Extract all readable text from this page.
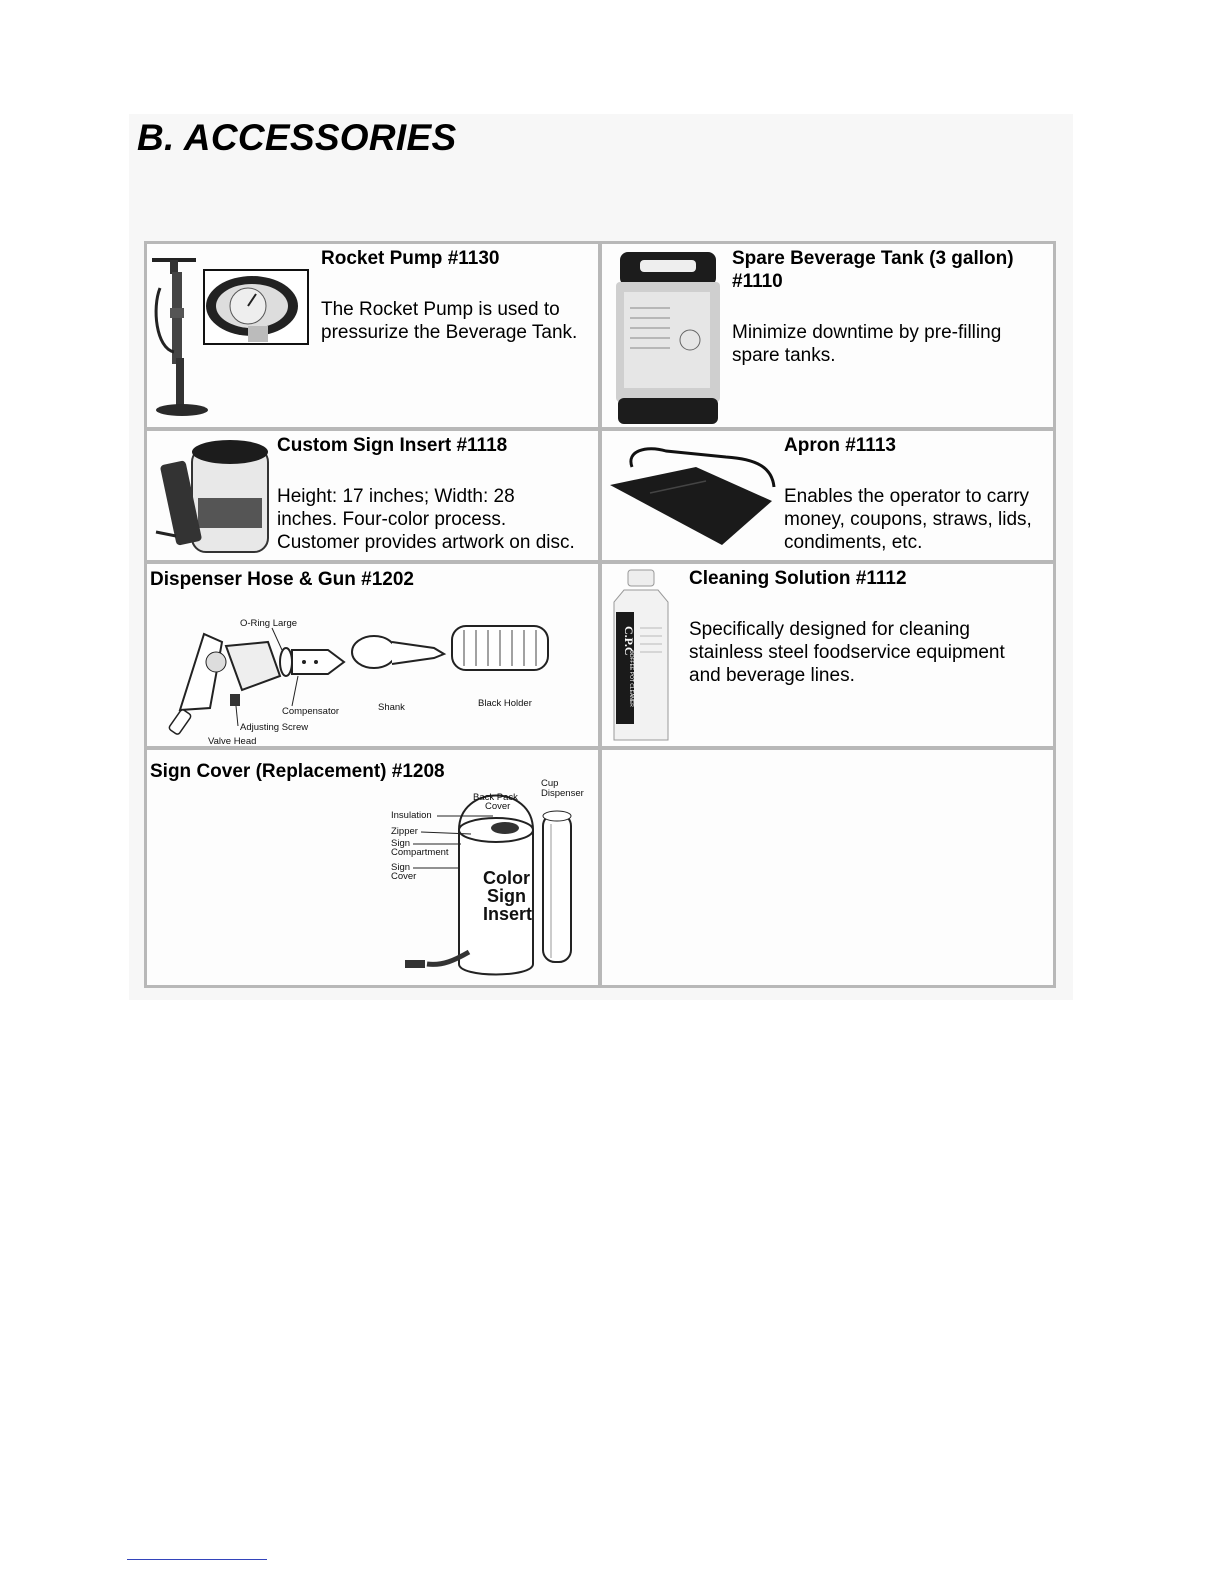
B. ACCESSORIES
Rocket Pump #1130
The Rocket Pump is used to
pressurize the Beverage Tank.
Spare Beverage Tank (3 gallon)
#1110
Minimize downtime by pre-filling
spare tanks.
Custom Sign Insert #1118
Height: 17 inches; Width: 28
inches. Four-color process.
Customer provides artwork on disc.
Apron #1113
Enables the operator to carry
money, coupons, straws, lids,
condiments, etc.
Dispenser Hose & Gun #1202
O-Ring Large
Compensator	Shank	Black Holder
Adjusting Screw
Valve Head
C.P.C
COFFEE POT CLEANER
Cleaning Solution #1112
Specifically designed for cleaning
stainless steel foodservice equipment
and beverage lines.
Sign Cover (Replacement) #1208
Color
Sign
Insert
Cup
Dispenser
Back Pack
Cover
Insulation
Zipper
Sign
Compartment
Sign
Cover
